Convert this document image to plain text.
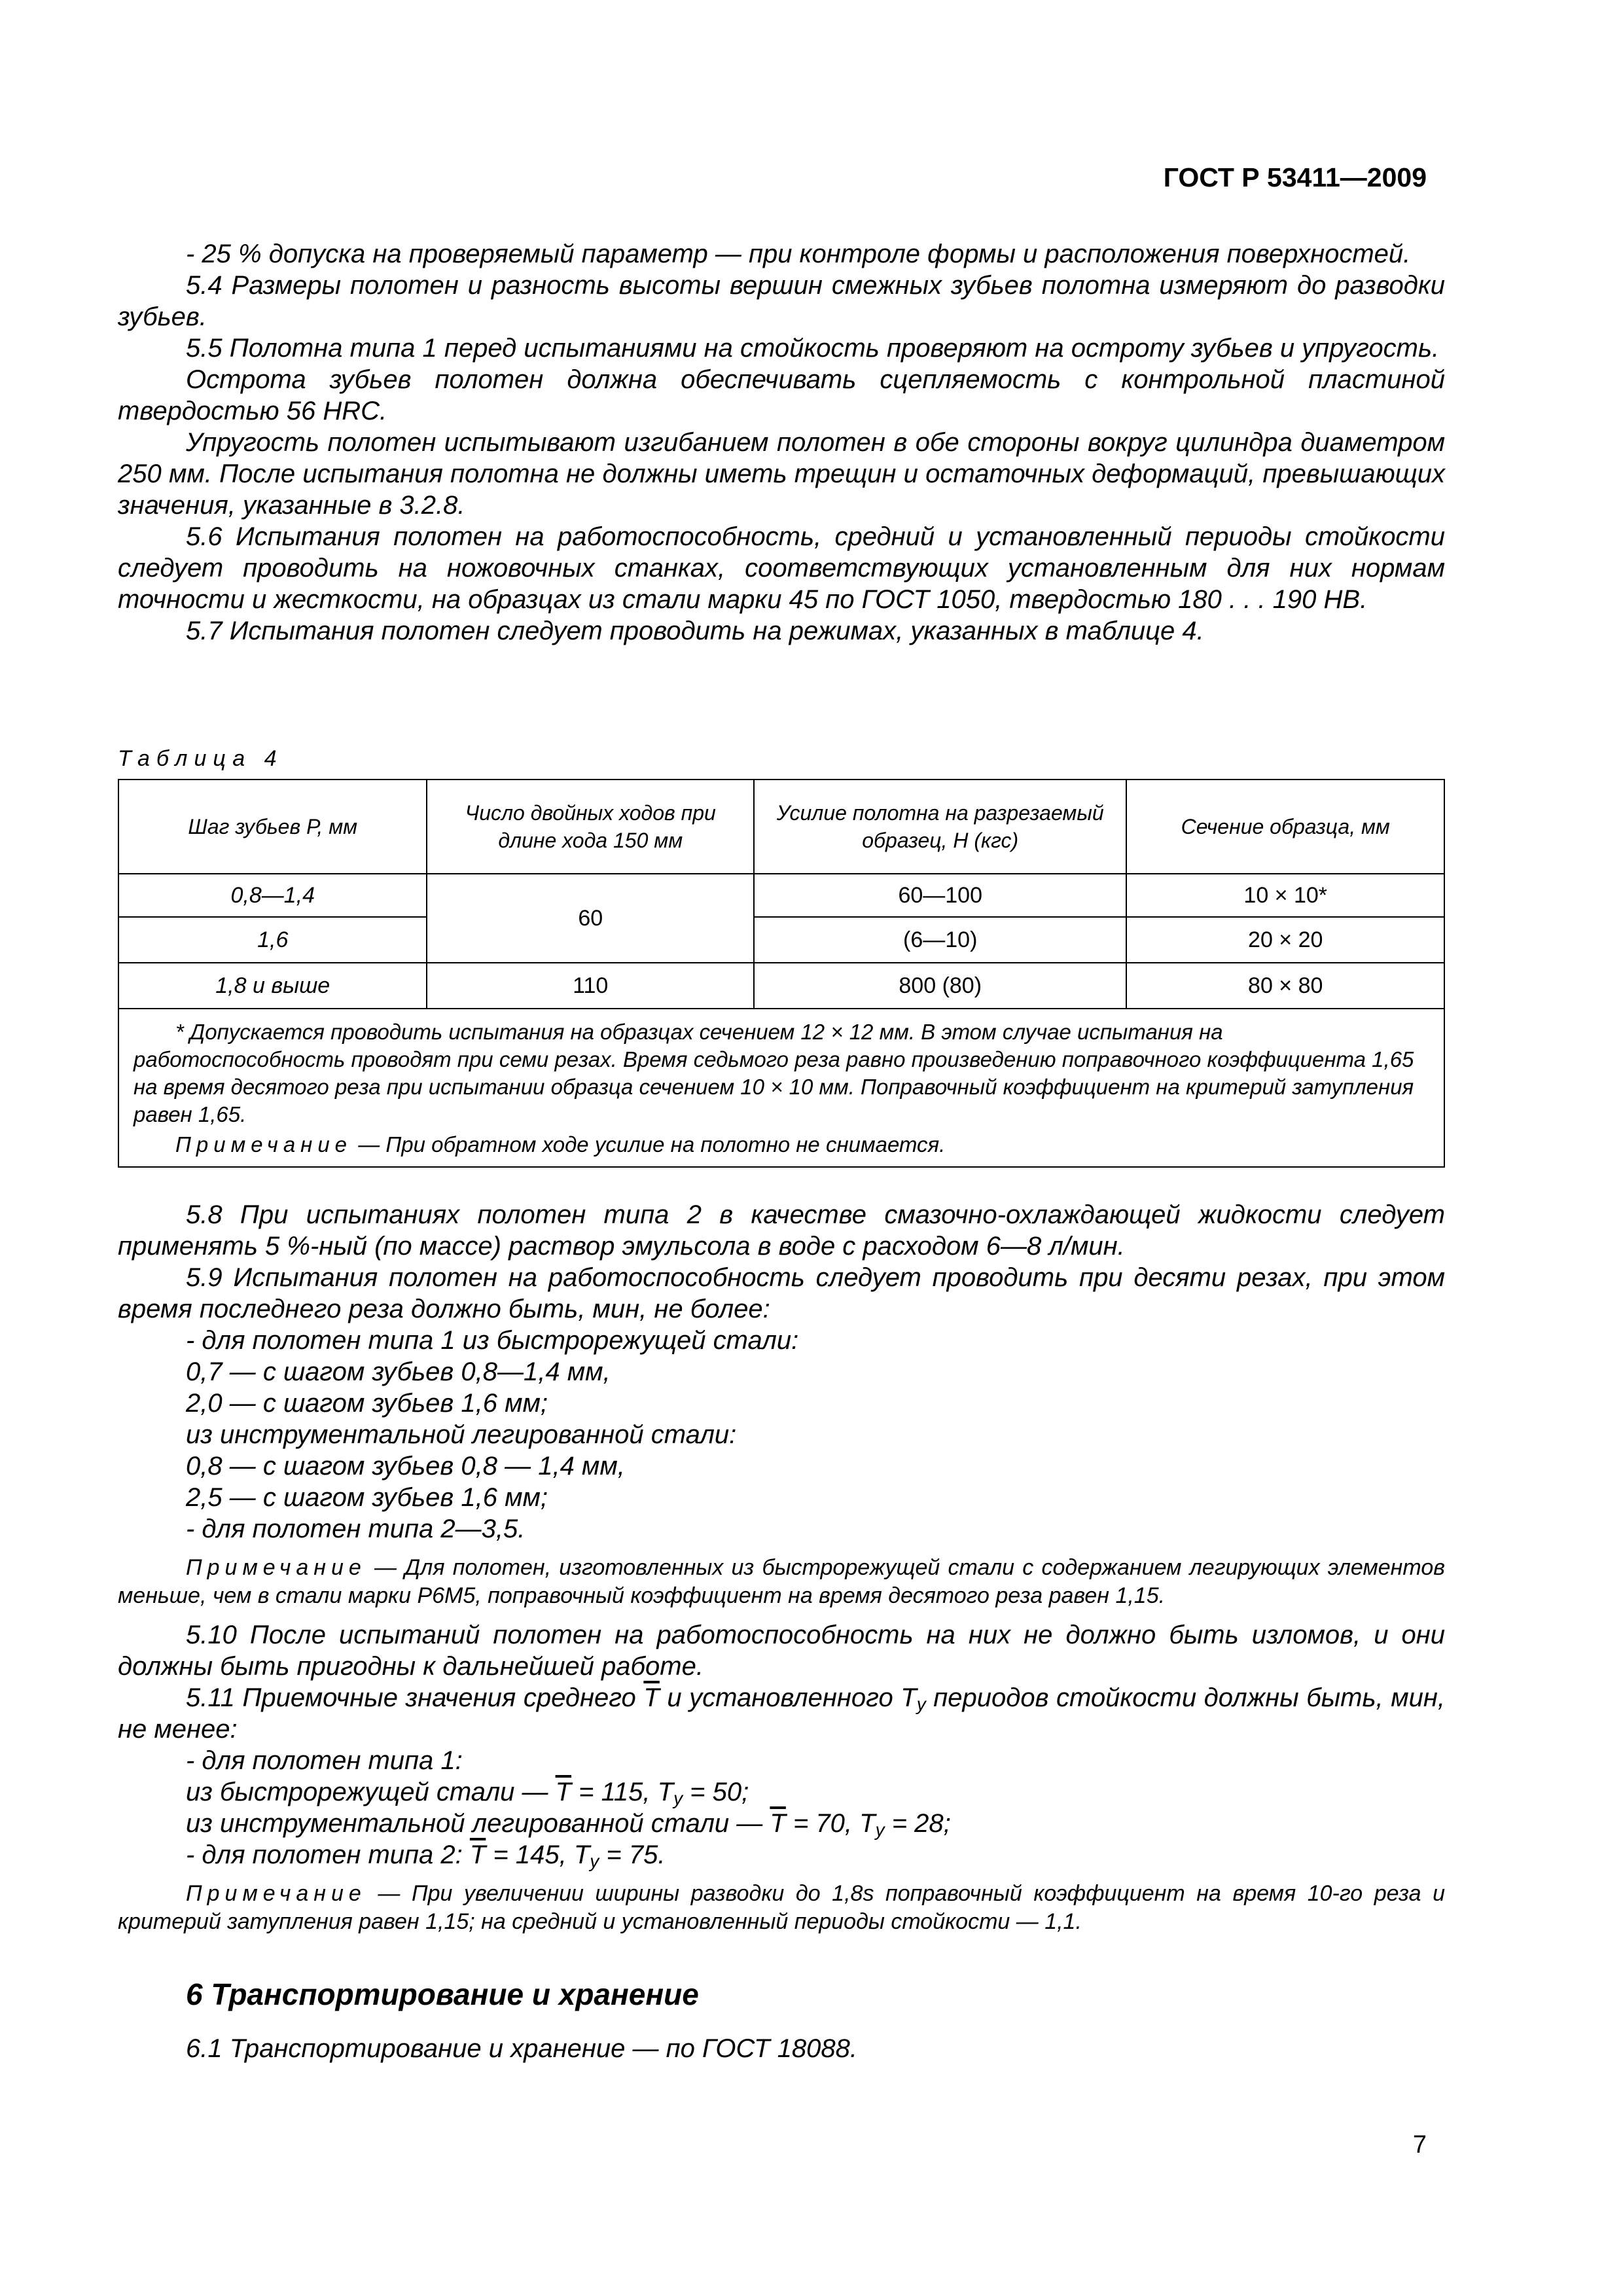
ГОСТ Р 53411—2009

- 25 % допуска на проверяемый параметр — при контроле формы и расположения поверхностей.

5.4 Размеры полотен и разность высоты вершин смежных зубьев полотна измеряют до разводки зубьев.

5.5 Полотна типа 1 перед испытаниями на стойкость проверяют на остроту зубьев и упругость.

Острота зубьев полотен должна обеспечивать сцепляемость с контрольной пластиной твердостью 56 HRC.

Упругость полотен испытывают изгибанием полотен в обе стороны вокруг цилиндра диаметром 250 мм. После испытания полотна не должны иметь трещин и остаточных деформаций, превышающих значения, указанные в 3.2.8.

5.6 Испытания полотен на работоспособность, средний и установленный периоды стойкости следует проводить на ножовочных станках, соответствующих установленным для них нормам точности и жесткости, на образцах из стали марки 45 по ГОСТ 1050, твердостью 180 . . . 190 НВ.

5.7 Испытания полотен следует проводить на режимах, указанных в таблице 4.

Таблица 4
Шаг зубьев Р, мм	Число двойных ходов при длине хода 150 мм	Усилие полотна на разрезаемый образец, Н (кгс)	Сечение образца, мм
0,8—1,4	60	60—100	10 × 10*
1,6		(6—10)	20 × 20
1,8 и выше	110	800 (80)	80 × 80

* Допускается проводить испытания на образцах сечением 12 × 12 мм. В этом случае испытания на работоспособность проводят при семи резах. Время седьмого реза равно произведению поправочного коэффициента 1,65 на время десятого реза при испытании образца сечением 10 × 10 мм. Поправочный коэффициент на критерий затупления равен 1,65.
Примечание — При обратном ходе усилие на полотно не снимается.			

5.8 При испытаниях полотен типа 2 в качестве смазочно-охлаждающей жидкости следует применять 5 %-ный (по массе) раствор эмульсола в воде с расходом 6—8 л/мин.

5.9 Испытания полотен на работоспособность следует проводить при десяти резах, при этом время последнего реза должно быть, мин, не более:

- для полотен типа 1 из быстрорежущей стали:

0,7 — с шагом зубьев 0,8—1,4 мм,

2,0 — с шагом зубьев 1,6 мм;

из инструментальной легированной стали:

0,8 — с шагом зубьев 0,8 — 1,4 мм,

2,5 — с шагом зубьев 1,6 мм;

- для полотен типа 2—3,5.

Примечание — Для полотен, изготовленных из быстрорежущей стали с содержанием легирующих элементов меньше, чем в стали марки Р6М5, поправочный коэффициент на время десятого реза равен 1,15.

5.10 После испытаний полотен на работоспособность на них не должно быть изломов, и они должны быть пригодны к дальнейшей работе.

5.11 Приемочные значения среднего $\overline{T}$ и установленного $T_y$ периодов стойкости должны быть, мин, не менее:

- для полотен типа 1:

из быстрорежущей стали — $\overline{T} = 115$, $T_y = 50$;

из инструментальной легированной стали — $\overline{T} = 70$, $T_y = 28$;

- для полотен типа 2: $\overline{T} = 145$, $T_y = 75$.

Примечание — При увеличении ширины разводки до 1,8s поправочный коэффициент на время 10-го реза и критерий затупления равен 1,15; на средний и установленный периоды стойкости — 1,1.

6 Транспортирование и хранение

6.1 Транспортирование и хранение — по ГОСТ 18088.

7
